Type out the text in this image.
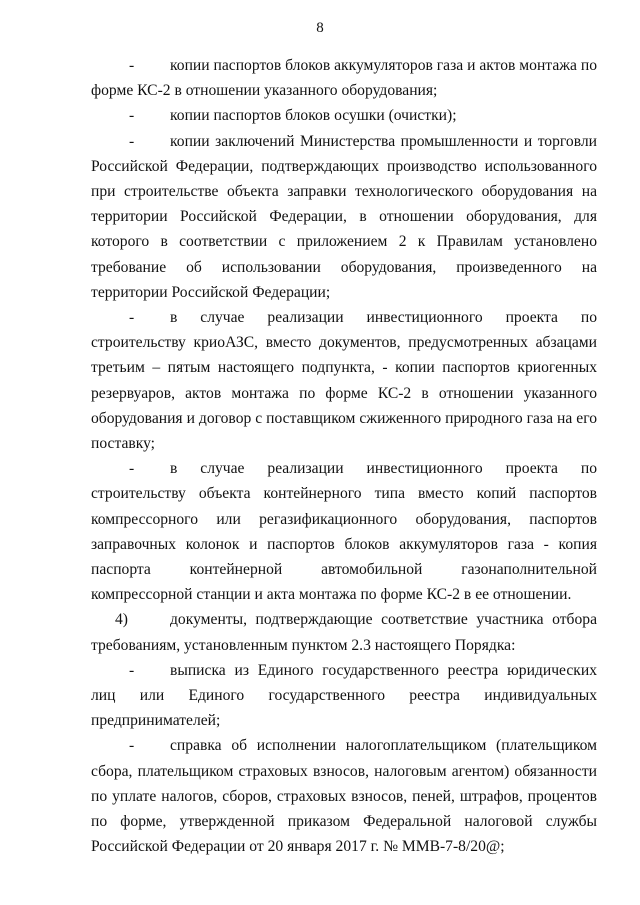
8

- копии паспортов блоков аккумуляторов газа и актов монтажа по форме КС-2 в отношении указанного оборудования;

- копии паспортов блоков осушки (очистки);

- копии заключений Министерства промышленности и торговли Российской Федерации, подтверждающих производство использованного при строительстве объекта заправки технологического оборудования на территории Российской Федерации, в отношении оборудования, для которого в соответствии с приложением 2 к Правилам установлено требование об использовании оборудования, произведенного на территории Российской Федерации;

- в случае реализации инвестиционного проекта по строительству криоАЗС, вместо документов, предусмотренных абзацами третьим – пятым настоящего подпункта, - копии паспортов криогенных резервуаров, актов монтажа по форме КС-2 в отношении указанного оборудования и договор с поставщиком сжиженного природного газа на его поставку;

- в случае реализации инвестиционного проекта по строительству объекта контейнерного типа вместо копий паспортов компрессорного или регазификационного оборудования, паспортов заправочных колонок и паспортов блоков аккумуляторов газа - копия паспорта контейнерной автомобильной газонаполнительной компрессорной станции и акта монтажа по форме КС-2 в ее отношении.

4)	документы, подтверждающие соответствие участника отбора требованиям, установленным пунктом 2.3 настоящего Порядка:

- выписка из Единого государственного реестра юридических лиц или Единого государственного реестра индивидуальных предпринимателей;

- справка об исполнении налогоплательщиком (плательщиком сбора, плательщиком страховых взносов, налоговым агентом) обязанности по уплате налогов, сборов, страховых взносов, пеней, штрафов, процентов по форме, утвержденной приказом Федеральной налоговой службы Российской Федерации от 20 января 2017 г. № ММВ-7-8/20@;
